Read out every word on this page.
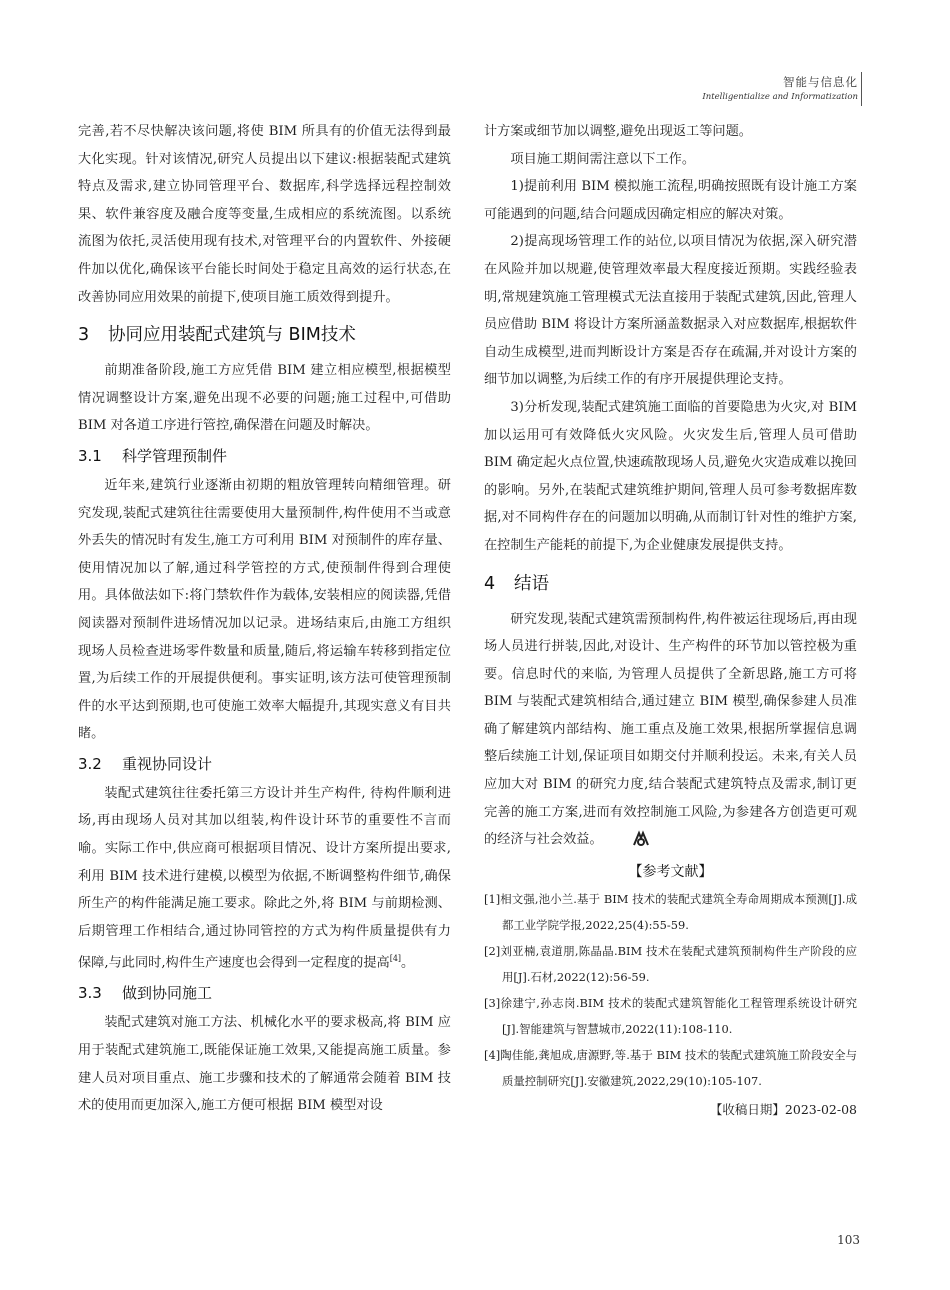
智能与信息化
Intelligentialize and Informatization

完善,若不尽快解决该问题,将使 BIM 所具有的价值无法得到最大化实现。针对该情况,研究人员提出以下建议:根据装配式建筑特点及需求,建立协同管理平台、数据库,科学选择远程控制效果、软件兼容度及融合度等变量,生成相应的系统流图。以系统流图为依托,灵活使用现有技术,对管理平台的内置软件、外接硬件加以优化,确保该平台能长时间处于稳定且高效的运行状态,在改善协同应用效果的前提下,使项目施工质效得到提升。

3 协同应用装配式建筑与 BIM技术

前期准备阶段,施工方应凭借 BIM 建立相应模型,根据模型情况调整设计方案,避免出现不必要的问题;施工过程中,可借助 BIM 对各道工序进行管控,确保潜在问题及时解决。

3.1 科学管理预制件

近年来,建筑行业逐渐由初期的粗放管理转向精细管理。研究发现,装配式建筑往往需要使用大量预制件,构件使用不当或意外丢失的情况时有发生,施工方可利用 BIM 对预制件的库存量、使用情况加以了解,通过科学管控的方式,使预制件得到合理使用。具体做法如下:将门禁软件作为载体,安装相应的阅读器,凭借阅读器对预制件进场情况加以记录。进场结束后,由施工方组织现场人员检查进场零件数量和质量,随后,将运输车转移到指定位置,为后续工作的开展提供便利。事实证明,该方法可使管理预制件的水平达到预期,也可使施工效率大幅提升,其现实意义有目共睹。

3.2 重视协同设计

装配式建筑往往委托第三方设计并生产构件, 待构件顺利进场,再由现场人员对其加以组装,构件设计环节的重要性不言而喻。实际工作中,供应商可根据项目情况、设计方案所提出要求,利用 BIM 技术进行建模,以模型为依据,不断调整构件细节,确保所生产的构件能满足施工要求。除此之外,将 BIM 与前期检测、后期管理工作相结合,通过协同管控的方式为构件质量提供有力保障,与此同时,构件生产速度也会得到一定程度的提高[4]。

3.3 做到协同施工

装配式建筑对施工方法、机械化水平的要求极高,将 BIM 应用于装配式建筑施工,既能保证施工效果,又能提高施工质量。参建人员对项目重点、施工步骤和技术的了解通常会随着 BIM 技术的使用而更加深入,施工方便可根据 BIM 模型对设

计方案或细节加以调整,避免出现返工等问题。

项目施工期间需注意以下工作。

1)提前利用 BIM 模拟施工流程,明确按照既有设计施工方案可能遇到的问题,结合问题成因确定相应的解决对策。

2)提高现场管理工作的站位,以项目情况为依据,深入研究潜在风险并加以规避,使管理效率最大程度接近预期。实践经验表明,常规建筑施工管理模式无法直接用于装配式建筑,因此,管理人员应借助 BIM 将设计方案所涵盖数据录入对应数据库,根据软件自动生成模型,进而判断设计方案是否存在疏漏,并对设计方案的细节加以调整,为后续工作的有序开展提供理论支持。

3)分析发现,装配式建筑施工面临的首要隐患为火灾,对 BIM 加以运用可有效降低火灾风险。火灾发生后,管理人员可借助 BIM 确定起火点位置,快速疏散现场人员,避免火灾造成难以挽回的影响。另外,在装配式建筑维护期间,管理人员可参考数据库数据,对不同构件存在的问题加以明确,从而制订针对性的维护方案,在控制生产能耗的前提下,为企业健康发展提供支持。

4 结语

研究发现,装配式建筑需预制构件,构件被运往现场后,再由现场人员进行拼装,因此,对设计、生产构件的环节加以管控极为重要。信息时代的来临, 为管理人员提供了全新思路,施工方可将 BIM 与装配式建筑相结合,通过建立 BIM 模型,确保参建人员准确了解建筑内部结构、施工重点及施工效果,根据所掌握信息调整后续施工计划,保证项目如期交付并顺利投运。未来,有关人员应加大对 BIM 的研究力度,结合装配式建筑特点及需求,制订更完善的施工方案,进而有效控制施工风险,为参建各方创造更可观的经济与社会效益。

【参考文献】

[1]相文强,池小兰.基于 BIM 技术的装配式建筑全寿命周期成本预测[J].成都工业学院学报,2022,25(4):55-59.

[2]刘亚楠,袁道朋,陈晶晶.BIM 技术在装配式建筑预制构件生产阶段的应用[J].石材,2022(12):56-59.

[3]徐建宁,孙志岗.BIM 技术的装配式建筑智能化工程管理系统设计研究[J].智能建筑与智慧城市,2022(11):108-110.

[4]陶佳能,龚旭成,唐源野,等.基于 BIM 技术的装配式建筑施工阶段安全与质量控制研究[J].安徽建筑,2022,29(10):105-107.

【收稿日期】2023-02-08

103
